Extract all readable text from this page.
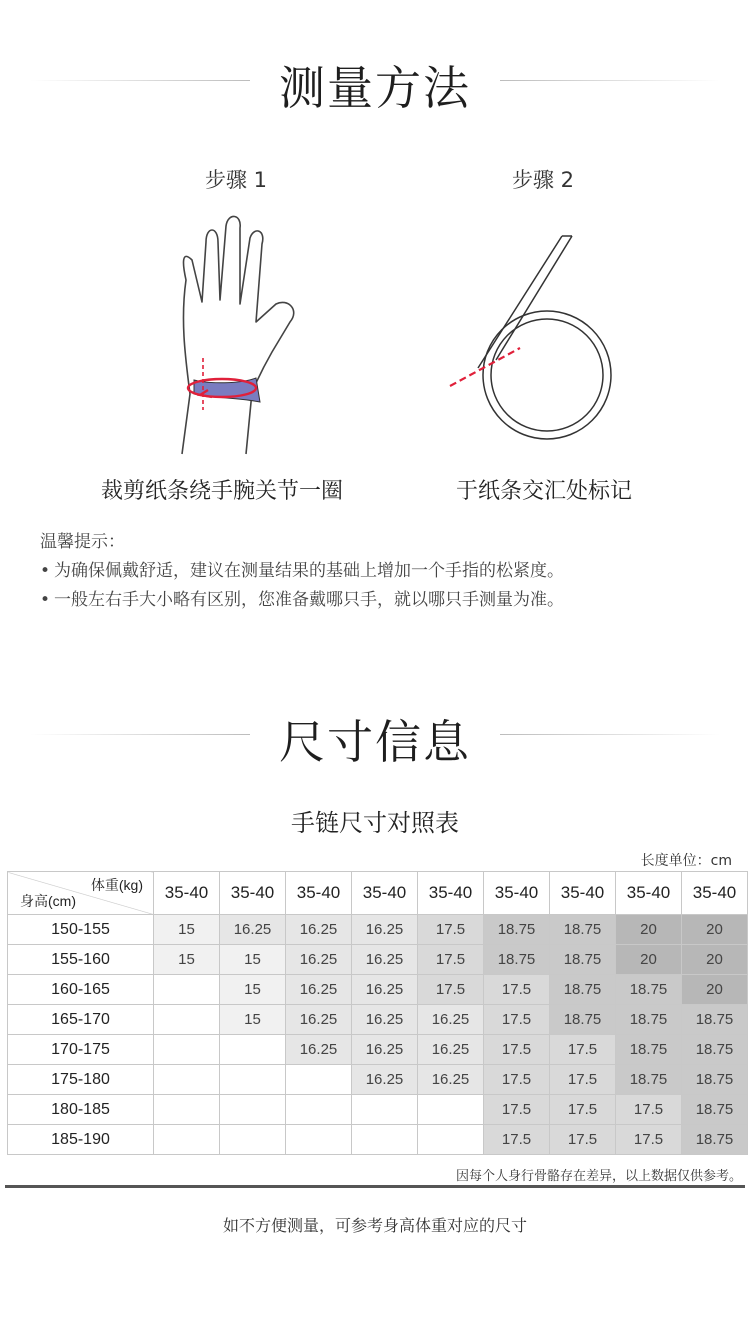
测量方法
步骤 1	步骤 2
裁剪纸条绕手腕关节一圈	于纸条交汇处标记
温馨提示：
• 为确保佩戴舒适，建议在测量结果的基础上增加一个手指的松紧度。
• 一般左右手大小略有区别，您准备戴哪只手，就以哪只手测量为准。
尺寸信息
手链尺寸对照表
长度单位：cm
体重(kg)
身高(cm)	35-40	35-40	35-40	35-40	35-40	35-40	35-40	35-40	35-40
150-155	15	16.25	16.25	16.25	17.5	18.75	18.75	20	20
155-160	15	15	16.25	16.25	17.5	18.75	18.75	20	20
160-165		15	16.25	16.25	17.5	17.5	18.75	18.75	20
165-170		15	16.25	16.25	16.25	17.5	18.75	18.75	18.75
170-175			16.25	16.25	16.25	17.5	17.5	18.75	18.75
175-180				16.25	16.25	17.5	17.5	18.75	18.75
180-185						17.5	17.5	17.5	18.75
185-190						17.5	17.5	17.5	18.75
因每个人身行骨骼存在差异，以上数据仅供参考。
如不方便测量，可参考身高体重对应的尺寸
